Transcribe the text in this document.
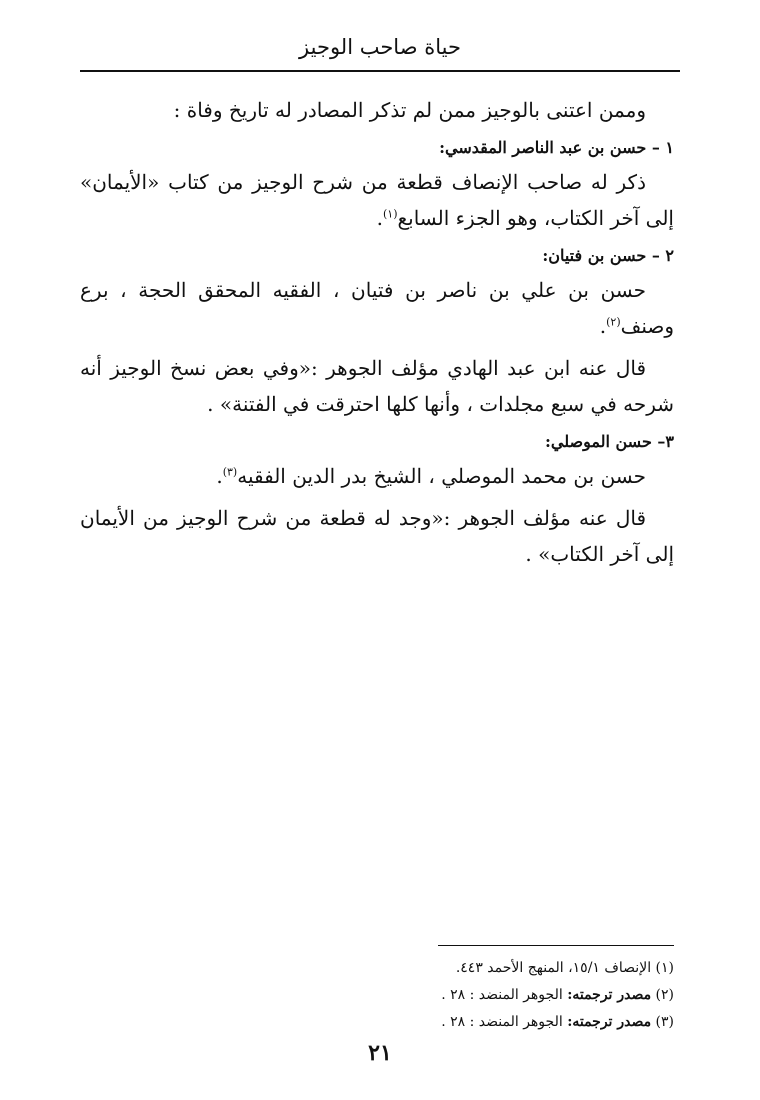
حياة صاحب الوجيز

وممن اعتنى بالوجيز ممن لم تذكر المصادر له تاريخ وفاة :

١ – حسن بن عبد الناصر المقدسي:

ذكر له صاحب الإنصاف قطعة من شرح الوجيز من كتاب «الأيمان» إلى آخر الكتاب، وهو الجزء السابع$^{(١)}$.

٢ – حسن بن فتيان:

حسن بن علي بن ناصر بن فتيان ، الفقيه المحقق الحجة ، برع وصنف$^{(٢)}$.

قال عنه ابن عبد الهادي مؤلف الجوهر :«وفي بعض نسخ الوجيز أنه شرحه في سبع مجلدات ، وأنها كلها احترقت في الفتنة» .

٣– حسن الموصلي:

حسن بن محمد الموصلي ، الشيخ بدر الدين الفقيه$^{(٣)}$.

قال عنه مؤلف الجوهر :«وجد له قطعة من شرح الوجيز من الأيمان إلى آخر الكتاب» .

(١) الإنصاف ١٥/١، المنهج الأحمد ٤٤٣.

(٢) مصدر ترجمته: الجوهر المنضد : ٢٨ .

(٣) مصدر ترجمته: الجوهر المنضد : ٢٨ .

٢١
